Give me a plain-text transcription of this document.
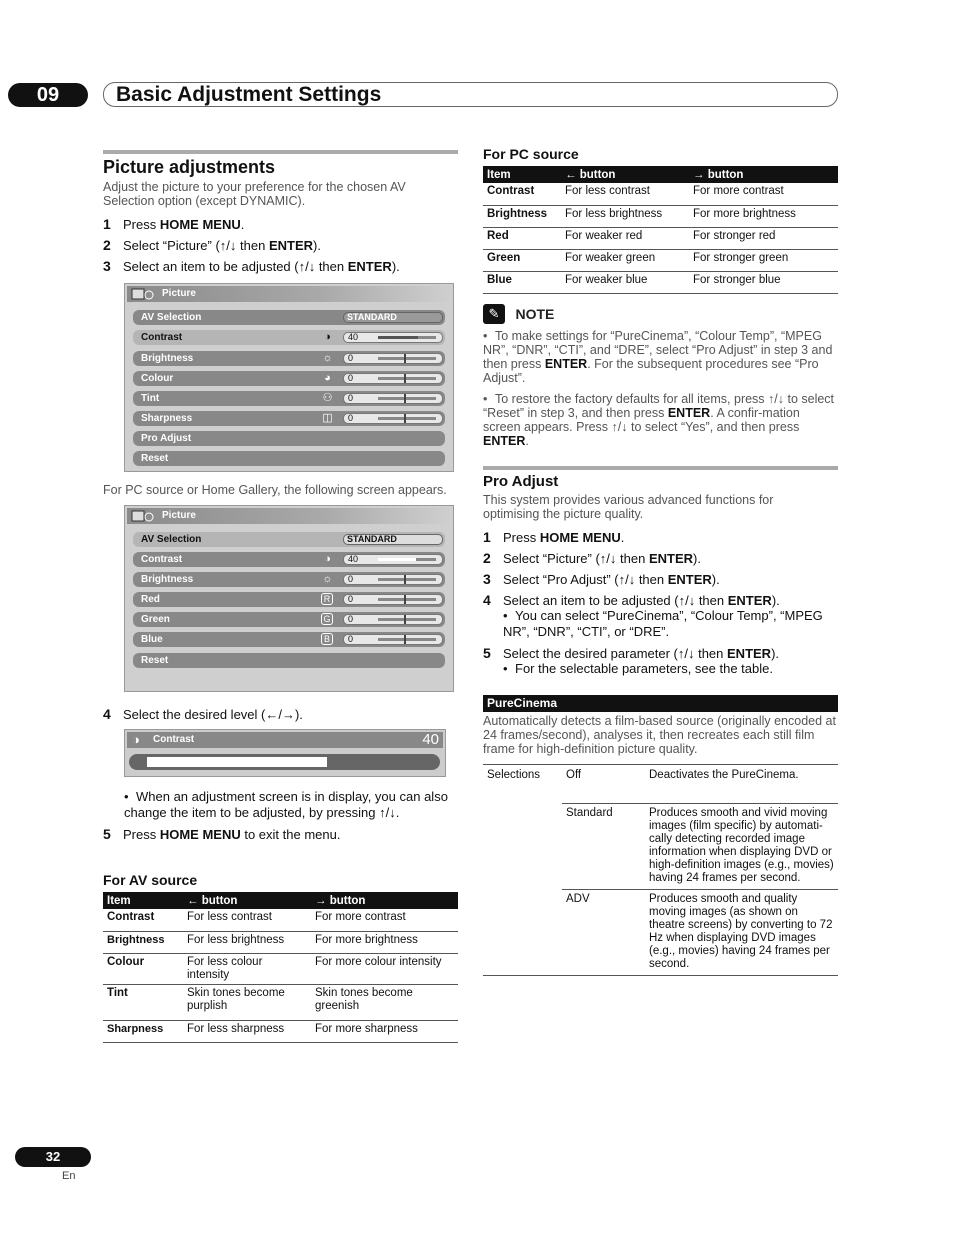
09	Basic Adjustment Settings
Picture adjustments
Adjust the picture to your preference for the chosen AV Selection option (except DYNAMIC).
1 Press HOME MENU.
2 Select “Picture” (↑/↓ then ENTER).
3 Select an item to be adjusted (↑/↓ then ENTER).
Picture
AV Selection	STANDARD
Contrast	◑	40
Brightness	☼ 0
Colour	◕	0
Tint	⚇ 0
Sharpness	◫ 0
Pro Adjust
Reset
For PC source or Home Gallery, the following screen appears.
Picture
AV Selection	STANDARD
Contrast	◑	40
Brightness	☼ 0
Red	R	0
Green	G 0
Blue	B	0
Reset
4 Select the desired level (←/→).
◑ Contrast	40
• When an adjustment screen is in display, you can also change the item to be adjusted, by pressing ↑/↓.
5 Press HOME MENU to exit the menu.
For AV source
Item	← button	→ button
Contrast	For less contrast	For more contrast
Brightness	For less brightness	For more brightness
Colour	For less colour intensity	For more colour intensity
Tint	Skin tones become purplish	Skin tones become greenish
Sharpness	For less sharpness	For more sharpness
For PC source
Item	← button	→ button
Contrast	For less contrast	For more contrast
Brightness	For less brightness	For more brightness
Red	For weaker red	For stronger red
Green	For weaker green	For stronger green
Blue	For weaker blue	For stronger blue
✎ NOTE
• To make settings for “PureCinema”, “Colour Temp”, “MPEG NR”, “DNR”, “CTI”, and “DRE”, select “Pro Adjust” in step 3 and then press ENTER. For the subsequent procedures see “Pro Adjust”.
• To restore the factory defaults for all items, press ↑/↓ to select “Reset” in step 3, and then press ENTER. A confir-mation screen appears. Press ↑/↓ to select “Yes”, and then press ENTER.
Pro Adjust
This system provides various advanced functions for optimising the picture quality.
1 Press HOME MENU.
2 Select “Picture” (↑/↓ then ENTER).
3 Select “Pro Adjust” (↑/↓ then ENTER).
4 Select an item to be adjusted (↑/↓ then ENTER).
• You can select “PureCinema”, “Colour Temp”, “MPEG NR”, “DNR”, “CTI”, or “DRE”.
5 Select the desired parameter (↑/↓ then ENTER).
• For the selectable parameters, see the table.
PureCinema
Automatically detects a film-based source (originally encoded at 24 frames/second), analyses it, then recreates each still film frame for high-definition picture quality.
Selections	Off	Deactivates the PureCinema.
	Standard	Produces smooth and vivid moving images (film specific) by automati-cally detecting recorded image information when displaying DVD or high-definition images (e.g., movies) having 24 frames per second.
	ADV	Produces smooth and quality moving images (as shown on theatre screens) by converting to 72 Hz when displaying DVD images (e.g., movies) having 24 frames per second.
32
En
